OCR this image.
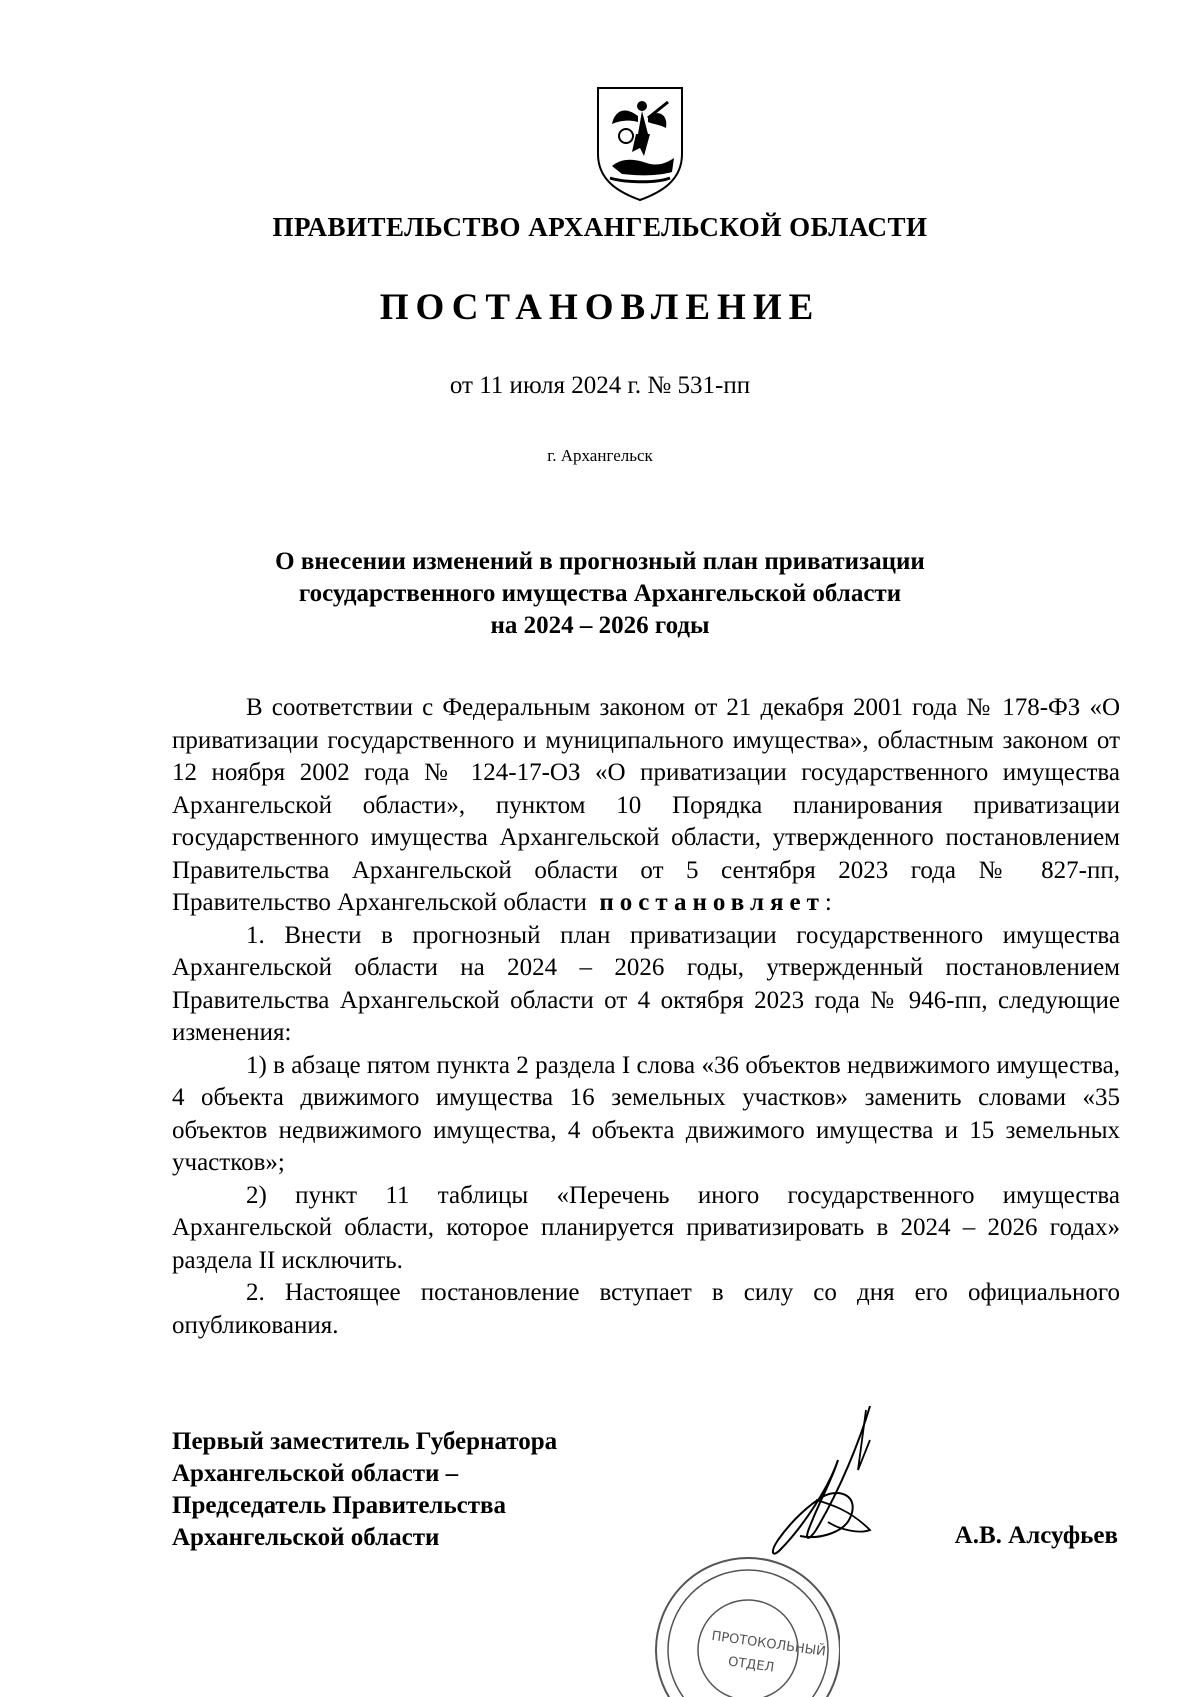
ПРАВИТЕЛЬСТВО АРХАНГЕЛЬСКОЙ ОБЛАСТИ
ПОСТАНОВЛЕНИЕ
от 11 июля 2024 г. № 531-пп
г. Архангельск
О внесении изменений в прогнозный план приватизации
государственного имущества Архангельской области
на 2024 – 2026 годы

В соответствии с Федеральным законом от 21 декабря 2001 года № 178-ФЗ «О приватизации государственного и муниципального имущества», областным законом от 12 ноября 2002 года № 124-17-ОЗ «О приватизации государственного имущества Архангельской области», пунктом 10 Порядка планирования приватизации государственного имущества Архангельской области, утвержденного постановлением Правительства Архангельской области от 5 сентября 2023 года № 827-пп, Правительство Архангельской области постановляет:

1. Внести в прогнозный план приватизации государственного имущества Архангельской области на 2024 – 2026 годы, утвержденный постановлением Правительства Архангельской области от 4 октября 2023 года № 946-пп, следующие изменения:

1) в абзаце пятом пункта 2 раздела I слова «36 объектов недвижимого имущества, 4 объекта движимого имущества 16 земельных участков» заменить словами «35 объектов недвижимого имущества, 4 объекта движимого имущества и 15 земельных участков»;

2) пункт 11 таблицы «Перечень иного государственного имущества Архангельской области, которое планируется приватизировать в 2024 – 2026 годах» раздела II исключить.

2. Настоящее постановление вступает в силу со дня его официального опубликования.

Первый заместитель Губернатора
Архангельской области –
Председатель Правительства
Архангельской области	А.В. Алсуфьев
ПРОТОКОЛЬНЫЙ
ОТДЕЛ
